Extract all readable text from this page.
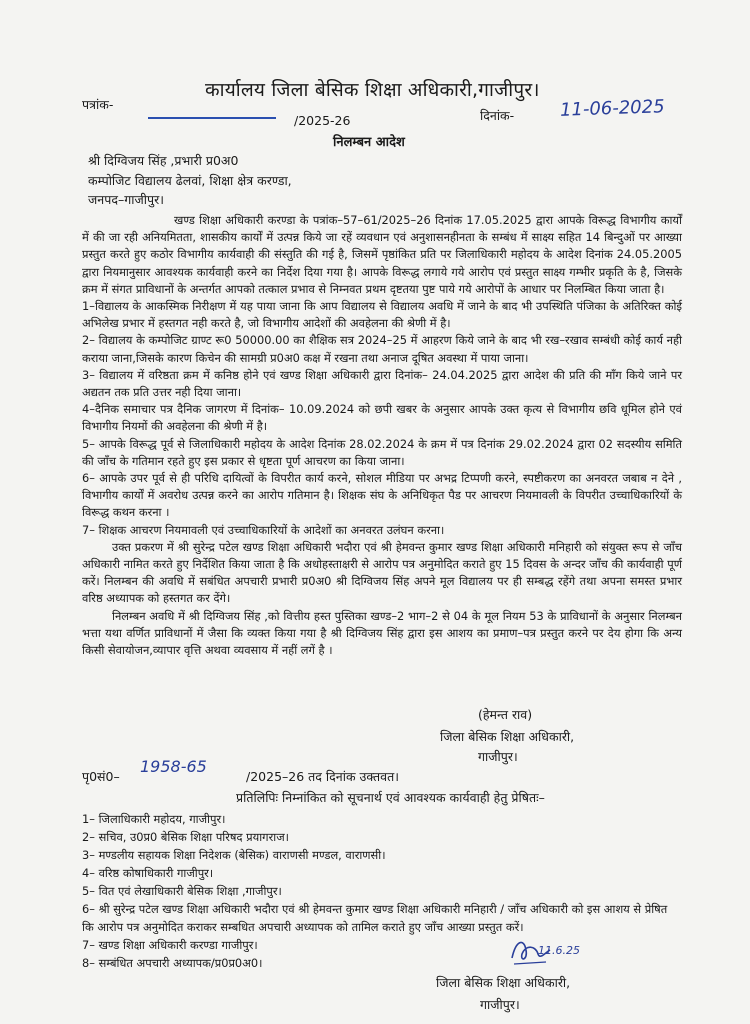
कार्यालय जिला बेसिक शिक्षा अधिकारी,गाजीपुर।
पत्रांक-
/2025-26	दिनांक-	11-06-2025
निलम्बन आदेश
श्री दिग्विजय सिंह ,प्रभारी प्र0अ0
कम्पोजिट विद्यालय ढेलवां, शिक्षा क्षेत्र करण्डा,
जनपद–गाजीपुर।

खण्ड शिक्षा अधिकारी करण्डा के पत्रांक–57–61/2025–26 दिनांक 17.05.2025 द्वारा आपके विरूद्ध विभागीय कार्यों में की जा रही अनियमितता, शासकीय कार्यों में उत्पन्न किये जा रहें व्यवधान एवं अनुशासनहीनता के सम्बंध में साक्ष्य सहित 14 बिन्दुओं पर आख्या प्रस्तुत करते हुए कठोर विभागीय कार्यवाही की संस्तुति की गई है, जिसमें पृष्ठांकित प्रति पर जिलाधिकारी महोदय के आदेश दिनांक 24.05.2005 द्वारा नियमानुसार आवश्यक कार्यवाही करने का निर्देश दिया गया है। आपके विरूद्ध लगाये गये आरोप एवं प्रस्तुत साक्ष्य गम्भीर प्रकृति के है, जिसके क्रम में संगत प्राविधानों के अन्तर्गत आपको तत्काल प्रभाव से निम्नवत प्रथम दृष्टतया पुष्ट पाये गये आरोपों के आधार पर निलम्बित किया जाता है।

1–विद्यालय के आकस्मिक निरीक्षण में यह पाया जाना कि आप विद्यालय से विद्यालय अवधि में जाने के बाद भी उपस्थिति पंजिका के अतिरिक्त कोई अभिलेख प्रभार में हस्तगत नही करते है, जो विभागीय आदेशों की अवहेलना की श्रेणी में है।

2– विद्यालय के कम्पोजिट ग्राण्ट रू0 50000.00 का शैक्षिक सत्र 2024–25 में आहरण किये जाने के बाद भी रख–रखाव सम्बंधी कोई कार्य नही कराया जाना,जिसके कारण किचेन की सामग्री प्र0अ0 कक्ष में रखना तथा अनाज दूषित अवस्था में पाया जाना।

3– विद्यालय में वरिष्ठता क्रम में कनिष्ठ होने एवं खण्ड शिक्षा अधिकारी द्वारा दिनांक– 24.04.2025 द्वारा आदेश की प्रति की माँग किये जाने पर अद्यतन तक प्रति उत्तर नही दिया जाना।

4–दैनिक समाचार पत्र दैनिक जागरण में दिनांक– 10.09.2024 को छपी खबर के अनुसार आपके उक्त कृत्य से विभागीय छवि धूमिल होने एवं विभागीय नियमों की अवहेलना की श्रेणी में है।

5– आपके विरूद्ध पूर्व से जिलाधिकारी महोदय के आदेश दिनांक 28.02.2024 के क्रम में पत्र दिनांक 29.02.2024 द्वारा 02 सदस्यीय समिति की जाँच के गतिमान रहते हुए इस प्रकार से धृष्टता पूर्ण आचरण का किया जाना।

6– आपके उपर पूर्व से ही परिधि दायित्वों के विपरीत कार्य करने, सोशल मीडिया पर अभद्र टिप्पणी करने, स्पष्टीकरण का अनवरत जबाब न देने , विभागीय कार्यों में अवरोध उत्पन्न करने का आरोप गतिमान है। शिक्षक संघ के अनिधिकृत पैड पर आचरण नियमावली के विपरीत उच्चाधिकारियों के विरूद्ध कथन करना ।

7– शिक्षक आचरण नियमावली एवं उच्चाधिकारियों के आदेशों का अनवरत उलंघन करना।

उक्त प्रकरण में श्री सुरेन्द्र पटेल खण्ड शिक्षा अधिकारी भदौरा एवं श्री हेमवन्त कुमार खण्ड शिक्षा अधिकारी मनिहारी को संयुक्त रूप से जाँच अधिकारी नामित करते हुए निर्देशित किया जाता है कि अधोहस्ताक्षरी से आरोप पत्र अनुमोदित कराते हुए 15 दिवस के अन्दर जाँच की कार्यवाही पूर्ण करें। निलम्बन की अवधि में सबंधित अपचारी प्रभारी प्र0अ0 श्री दिग्विजय सिंह अपने मूल विद्यालय पर ही सम्बद्ध रहेंगे तथा अपना समस्त प्रभार वरिष्ठ अध्यापक को हस्तगत कर देंगे।

निलम्बन अवधि में श्री दिग्विजय सिंह ,को वित्तीय हस्त पुस्तिका खण्ड–2 भाग–2 से 04 के मूल नियम 53 के प्राविधानों के अनुसार निलम्बन भत्ता यथा वर्णित प्राविधानों में जैसा कि व्यक्त किया गया है श्री दिग्विजय सिंह द्वारा इस आशय का प्रमाण–पत्र प्रस्तुत करने पर देय होगा कि अन्य किसी सेवायोजन,व्यापार वृत्ति अथवा व्यवसाय में नहीं लगें है ।

(हेमन्त राव)
जिला बेसिक शिक्षा अधिकारी,
गाजीपुर।
पृ0सं0–
1958-65
/2025–26 तद दिनांक उक्तवत।
प्रतिलिपिः निम्नांकित को सूचनार्थ एवं आवश्यक कार्यवाही हेतु प्रेषितः–
1– जिलाधिकारी महोदय, गाजीपुर।
2– सचिव, उ0प्र0 बेसिक शिक्षा परिषद प्रयागराज।
3– मण्डलीय सहायक शिक्षा निदेशक (बेसिक) वाराणसी मण्डल, वाराणसी।
4– वरिष्ठ कोषाधिकारी गाजीपुर।
5– वित एवं लेखाधिकारी बेसिक शिक्षा ,गाजीपुर।
6– श्री सुरेन्द्र पटेल खण्ड शिक्षा अधिकारी भदौरा एवं श्री हेमवन्त कुमार खण्ड शिक्षा अधिकारी मनिहारी / जाँच अधिकारी को इस आशय से प्रेषित कि आरोप पत्र अनुमोदित कराकर सम्बधित अपचारी अध्यापक को तामिल कराते हुए जाँच आख्या प्रस्तुत करें।
7– खण्ड शिक्षा अधिकारी करण्डा गाजीपुर।
8– सम्बंधित अपचारी अध्यापक/प्र0प्र0अ0।
11.6.25
जिला बेसिक शिक्षा अधिकारी,
गाजीपुर।
